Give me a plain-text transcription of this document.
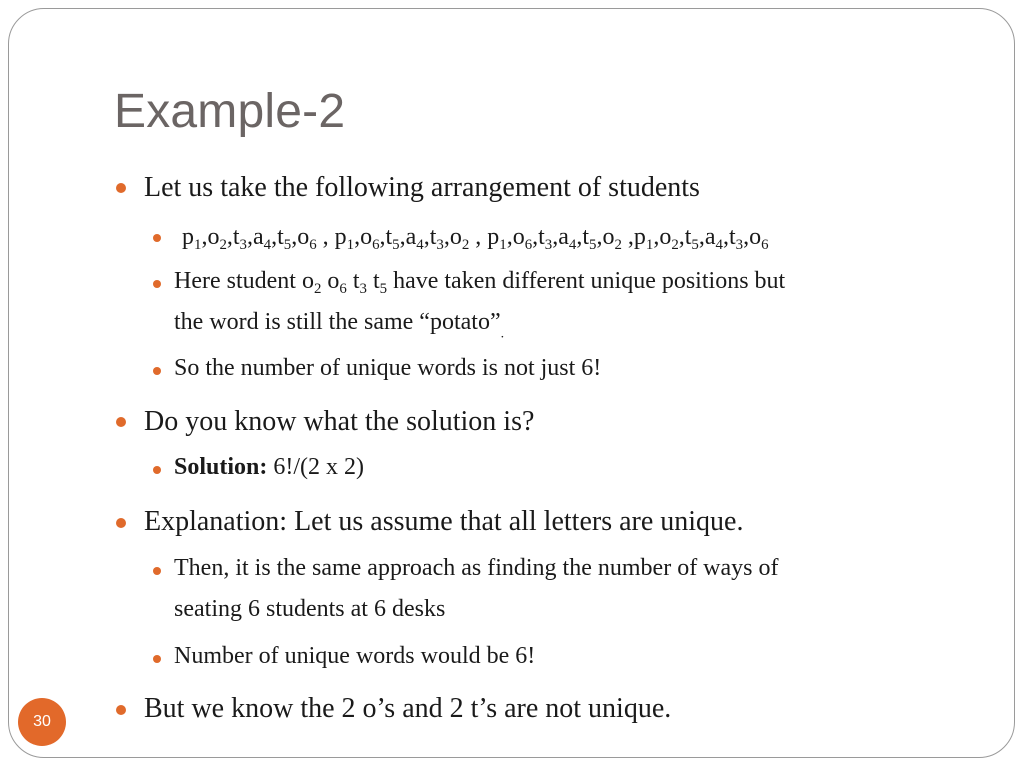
Example-2
Let us take the following arrangement of students
$p_1,o_2,t_3,a_4,t_5,o_6$ , $p_1,o_6,t_5,a_4,t_3,o_2$ , $p_1,o_6,t_3,a_4,t_5,o_2$ $,p_1,o_2,t_5,a_4,t_3,o_6$
Here student $o_2$ $o_6$ $t_3$ $t_5$ have taken different unique positions but
the word is still the same “$potato”_.$
So the number of unique words is not just 6!
Do you know what the solution is?
Solution: 6!/(2 x 2)
Explanation: Let us assume that all letters are unique.
Then, it is the same approach as finding the number of ways of
seating 6 students at 6 desks
Number of unique words would be 6!
But we know the 2 o’s and 2 t’s are not unique.
30
